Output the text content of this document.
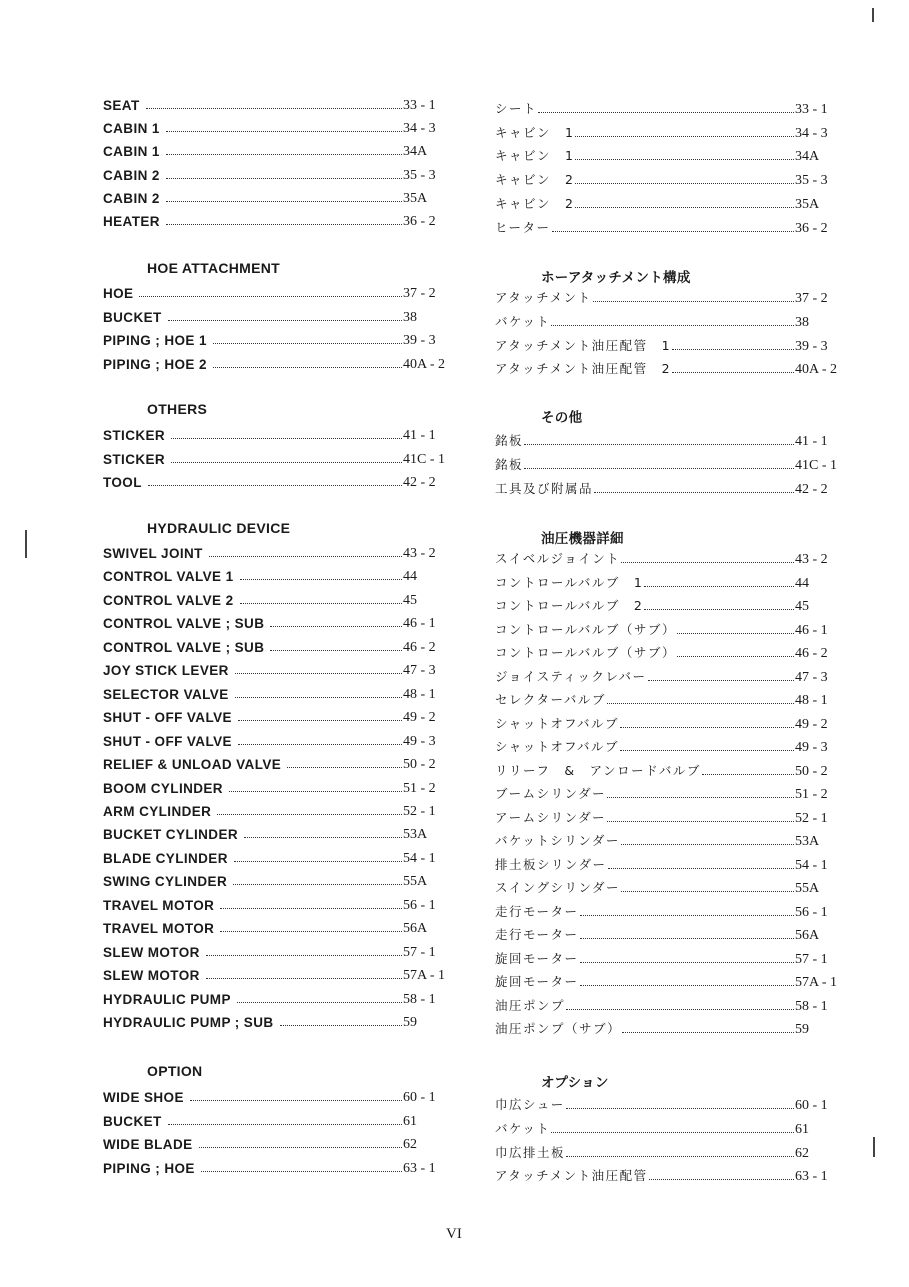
SEAT	33 - 1
CABIN 1	34 - 3
CABIN 1	34A
CABIN 2	35 - 3
CABIN 2	35A
HEATER	36 - 2
HOE ATTACHMENT
HOE	37 - 2
BUCKET	38
PIPING ; HOE 1	39 - 3
PIPING ; HOE 2	40A - 2
OTHERS
STICKER	41 - 1
STICKER	41C - 1
TOOL	42 - 2
HYDRAULIC DEVICE
SWIVEL JOINT	43 - 2
CONTROL VALVE 1	44
CONTROL VALVE 2	45
CONTROL VALVE ; SUB	46 - 1
CONTROL VALVE ; SUB	46 - 2
JOY STICK LEVER	47 - 3
SELECTOR VALVE	48 - 1
SHUT - OFF VALVE	49 - 2
SHUT - OFF VALVE	49 - 3
RELIEF & UNLOAD VALVE	50 - 2
BOOM CYLINDER	51 - 2
ARM CYLINDER	52 - 1
BUCKET CYLINDER	53A
BLADE CYLINDER	54 - 1
SWING CYLINDER	55A
TRAVEL MOTOR	56 - 1
TRAVEL MOTOR	56A
SLEW MOTOR	57 - 1
SLEW MOTOR	57A - 1
HYDRAULIC PUMP	58 - 1
HYDRAULIC PUMP ; SUB	59
OPTION
WIDE SHOE	60 - 1
BUCKET	61
WIDE BLADE	62
PIPING ; HOE	63 - 1
シート	33 - 1
キャビン　1	34 - 3
キャビン　1	34A
キャビン　2	35 - 3
キャビン　2	35A
ヒーター	36 - 2
ホーアタッチメント構成
アタッチメント	37 - 2
バケット	38
アタッチメント油圧配管　1	39 - 3
アタッチメント油圧配管　2	40A - 2
その他
銘板	41 - 1
銘板	41C - 1
工具及び附属品	42 - 2
油圧機器詳細
スイベルジョイント	43 - 2
コントロールバルブ　1	44
コントロールバルブ　2	45
コントロールバルブ（サブ）	46 - 1
コントロールバルブ（サブ）	46 - 2
ジョイスティックレバー	47 - 3
セレクターバルブ	48 - 1
シャットオフバルブ	49 - 2
シャットオフバルブ	49 - 3
リリーフ　&　アンロードバルブ	50 - 2
ブームシリンダー	51 - 2
アームシリンダー	52 - 1
バケットシリンダー	53A
排土板シリンダー	54 - 1
スイングシリンダー	55A
走行モーター	56 - 1
走行モーター	56A
旋回モーター	57 - 1
旋回モーター	57A - 1
油圧ポンプ	58 - 1
油圧ポンプ（サブ）	59
オプション
巾広シュー	60 - 1
バケット	61
巾広排土板	62
アタッチメント油圧配管	63 - 1
VI
